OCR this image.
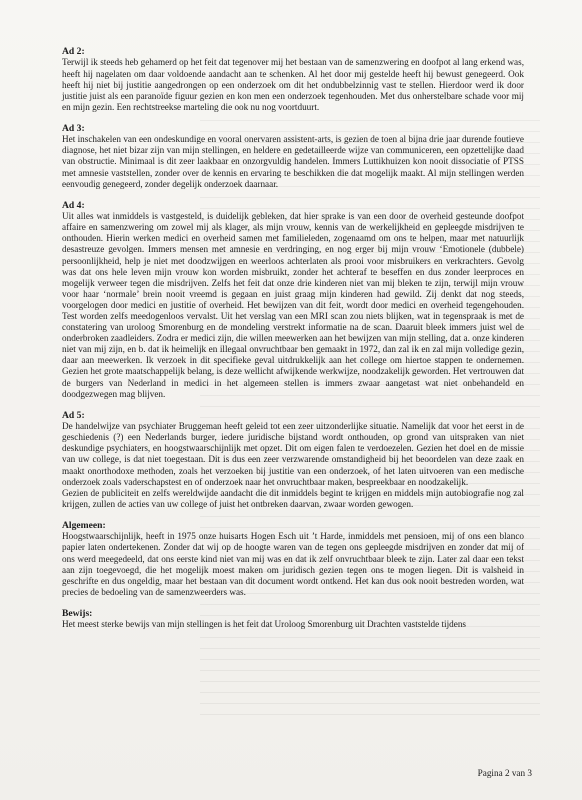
Ad 2:

Terwijl ik steeds heb gehamerd op het feit dat tegenover mij het bestaan van de samenzwering en doofpot al lang erkend was, heeft hij nagelaten om daar voldoende aandacht aan te schenken. Al het door mij gestelde heeft hij bewust genegeerd. Ook heeft hij niet bij justitie aangedrongen op een onderzoek om dit het ondubbelzinnig vast te stellen. Hierdoor werd ik door justitie juist als een paranoïde figuur gezien en kon men een onderzoek tegenhouden. Met dus onherstelbare schade voor mij en mijn gezin. Een rechtstreekse marteling die ook nu nog voortduurt.

Ad 3:

Het inschakelen van een ondeskundige en vooral onervaren assistent-arts, is gezien de toen al bijna drie jaar durende foutieve diagnose, het niet bizar zijn van mijn stellingen, en heldere en gedetailleerde wijze van communiceren, een opzettelijke daad van obstructie. Minimaal is dit zeer laakbaar en onzorgvuldig handelen. Immers Luttikhuizen kon nooit dissociatie of PTSS met amnesie vaststellen, zonder over de kennis en ervaring te beschikken die dat mogelijk maakt. Al mijn stellingen werden eenvoudig genegeerd, zonder degelijk onderzoek daarnaar.

Ad 4:

Uit alles wat inmiddels is vastgesteld, is duidelijk gebleken, dat hier sprake is van een door de overheid gesteunde doofpot affaire en samenzwering om zowel mij als klager, als mijn vrouw, kennis van de werkelijkheid en gepleegde misdrijven te onthouden. Hierin werken medici en overheid samen met familieleden, zogenaamd om ons te helpen, maar met natuurlijk desastreuze gevolgen. Immers mensen met amnesie en verdringing, en nog erger bij mijn vrouw ‘Emotionele (dubbele) persoonlijkheid, help je niet met doodzwijgen en weerloos achterlaten als prooi voor misbruikers en verkrachters. Gevolg was dat ons hele leven mijn vrouw kon worden misbruikt, zonder het achteraf te beseffen en dus zonder leerproces en mogelijk verweer tegen die misdrijven. Zelfs het feit dat onze drie kinderen niet van mij bleken te zijn, terwijl mijn vrouw voor haar ‘normale’ brein nooit vreemd is gegaan en juist graag mijn kinderen had gewild. Zij denkt dat nog steeds, voorgelogen door medici en justitie of overheid. Het bewijzen van dit feit, wordt door medici en overheid tegengehouden. Test worden zelfs meedogenloos vervalst. Uit het verslag van een MRI scan zou niets blijken, wat in tegenspraak is met de constatering van uroloog Smorenburg en de mondeling verstrekt informatie na de scan. Daaruit bleek immers juist wel de onderbroken zaadleiders. Zodra er medici zijn, die willen meewerken aan het bewijzen van mijn stelling, dat a. onze kinderen niet van mij zijn, en b. dat ik heimelijk en illegaal onvruchtbaar ben gemaakt in 1972, dan zal ik en zal mijn volledige gezin, daar aan meewerken. Ik verzoek in dit specifieke geval uitdrukkelijk aan het college om hiertoe stappen te ondernemen. Gezien het grote maatschappelijk belang, is deze wellicht afwijkende werkwijze, noodzakelijk geworden. Het vertrouwen dat de burgers van Nederland in medici in het algemeen stellen is immers zwaar aangetast wat niet onbehandeld en doodgezwegen mag blijven.

Ad 5:

De handelwijze van psychiater Bruggeman heeft geleid tot een zeer uitzonderlijke situatie. Namelijk dat voor het eerst in de geschiedenis (?) een Nederlands burger, iedere juridische bijstand wordt onthouden, op grond van uitspraken van niet deskundige psychiaters, en hoogstwaarschijnlijk met opzet. Dit om eigen falen te verdoezelen. Gezien het doel en de missie van uw college, is dat niet toegestaan. Dit is dus een zeer verzwarende omstandigheid bij het beoordelen van deze zaak en maakt onorthodoxe methoden, zoals het verzoeken bij justitie van een onderzoek, of het laten uitvoeren van een medische onderzoek zoals vaderschapstest en of onderzoek naar het onvruchtbaar maken, bespreekbaar en noodzakelijk.

Gezien de publiciteit en zelfs wereldwijde aandacht die dit inmiddels begint te krijgen en middels mijn autobiografie nog zal krijgen, zullen de acties van uw college of juist het ontbreken daarvan, zwaar worden gewogen.

Algemeen:

Hoogstwaarschijnlijk, heeft in 1975 onze huisarts Hogen Esch uit ’t Harde, inmiddels met pensioen, mij of ons een blanco papier laten ondertekenen. Zonder dat wij op de hoogte waren van de tegen ons gepleegde misdrijven en zonder dat mij of ons werd meegedeeld, dat ons eerste kind niet van mij was en dat ik zelf onvruchtbaar bleek te zijn. Later zal daar een tekst aan zijn toegevoegd, die het mogelijk moest maken om juridisch gezien tegen ons te mogen liegen. Dit is valsheid in geschrifte en dus ongeldig, maar het bestaan van dit document wordt ontkend. Het kan dus ook nooit bestreden worden, wat precies de bedoeling van de samenzweerders was.

Bewijs:

Het meest sterke bewijs van mijn stellingen is het feit dat Uroloog Smorenburg uit Drachten vaststelde tijdens

Pagina 2 van 3
